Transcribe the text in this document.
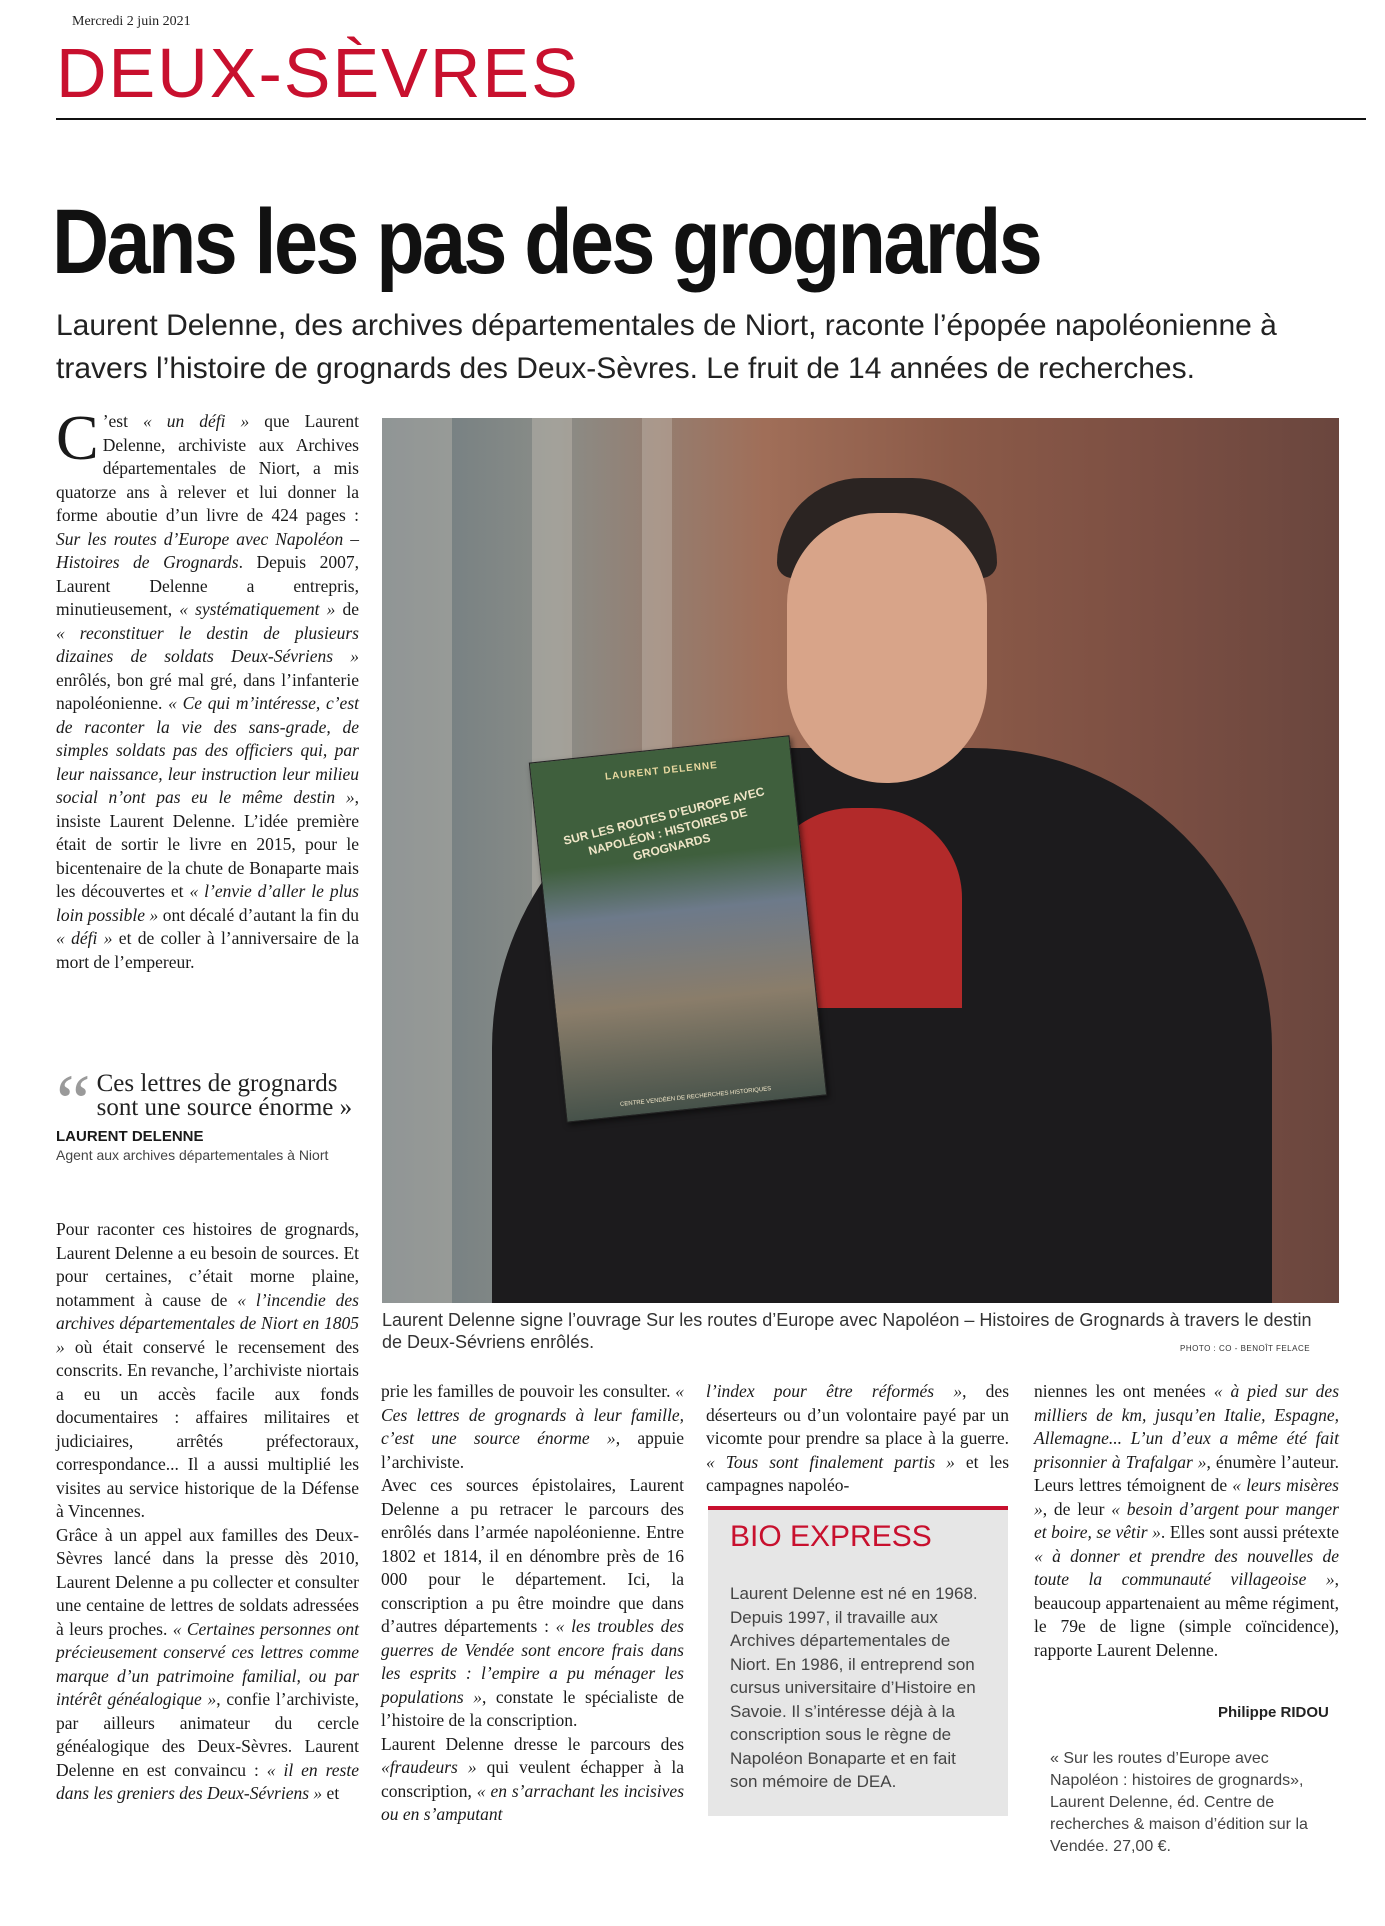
Mercredi 2 juin 2021
DEUX-SÈVRES
Dans les pas des grognards
Laurent Delenne, des archives départementales de Niort, raconte l’épopée napoléonienne à travers l’histoire de grognards des Deux-Sèvres. Le fruit de 14 années de recherches.
C ’est « un défi » que Laurent Delenne, archiviste aux Archives départementales de Niort, a mis quatorze ans à relever et lui donner la forme aboutie d’un livre de 424 pages : Sur les routes d’Europe avec Napoléon – Histoires de Grognards. Depuis 2007, Laurent Delenne a entrepris, minutieusement, « systématiquement » de « reconstituer le destin de plusieurs dizaines de soldats Deux-Sévriens » enrôlés, bon gré mal gré, dans l’infanterie napoléonienne. « Ce qui m’intéresse, c’est de raconter la vie des sans-grade, de simples soldats pas des officiers qui, par leur naissance, leur instruction leur milieu social n’ont pas eu le même destin », insiste Laurent Delenne. L’idée première était de sortir le livre en 2015, pour le bicentenaire de la chute de Bonaparte mais les découvertes et « l’envie d’aller le plus loin possible » ont décalé d’autant la fin du « défi » et de coller à l’anniversaire de la mort de l’empereur.

“ Ces lettres de grognards sont une source énorme »
LAURENT DELENNE
Agent aux archives départementales à Niort

Pour raconter ces histoires de grognards, Laurent Delenne a eu besoin de sources. Et pour certaines, c’était morne plaine, notamment à cause de « l’incendie des archives départementales de Niort en 1805 » où était conservé le recensement des conscrits. En revanche, l’archiviste niortais a eu un accès facile aux fonds documentaires : affaires militaires et judiciaires, arrêtés préfectoraux, correspondance... Il a aussi multiplié les visites au service historique de la Défense à Vincennes.
Grâce à un appel aux familles des Deux-Sèvres lancé dans la presse dès 2010, Laurent Delenne a pu collecter et consulter une centaine de lettres de soldats adressées à leurs proches. « Certaines personnes ont précieusement conservé ces lettres comme marque d’un patrimoine familial, ou par intérêt généalogique », confie l’archiviste, par ailleurs animateur du cercle généalogique des Deux-Sèvres. Laurent Delenne en est convaincu : « il en reste dans les greniers des Deux-Sévriens » et

LAURENT DELENNE
SUR LES ROUTES D’EUROPE AVEC NAPOLÉON : HISTOIRES DE GROGNARDS
CENTRE VENDÉEN DE RECHERCHES HISTORIQUES
Laurent Delenne signe l’ouvrage Sur les routes d’Europe avec Napoléon – Histoires de Grognards à travers le destin de Deux-Sévriens enrôlés.	PHOTO : CO - BENOÎT FELACE

prie les familles de pouvoir les consulter. « Ces lettres de grognards à leur famille, c’est une source énorme », appuie l’archiviste.
Avec ces sources épistolaires, Laurent Delenne a pu retracer le parcours des enrôlés dans l’armée napoléonienne. Entre 1802 et 1814, il en dénombre près de 16 000 pour le département. Ici, la conscription a pu être moindre que dans d’autres départements : « les troubles des guerres de Vendée sont encore frais dans les esprits : l’empire a pu ménager les populations », constate le spécialiste de l’histoire de la conscription.
Laurent Delenne dresse le parcours des «fraudeurs » qui veulent échapper à la conscription, « en s’arrachant les incisives ou en s’amputant

l’index pour être réformés », des déserteurs ou d’un volontaire payé par un vicomte pour prendre sa place à la guerre. « Tous sont finalement partis » et les campagnes napoléo-

BIO EXPRESS
Laurent Delenne est né en 1968. Depuis 1997, il travaille aux Archives départementales de Niort. En 1986, il entreprend son cursus universitaire d’Histoire en Savoie. Il s’intéresse déjà à la conscription sous le règne de Napoléon Bonaparte et en fait son mémoire de DEA.

niennes les ont menées « à pied sur des milliers de km, jusqu’en Italie, Espagne, Allemagne... L’un d’eux a même été fait prisonnier à Trafalgar », énumère l’auteur. Leurs lettres témoignent de « leurs misères », de leur « besoin d’argent pour manger et boire, se vêtir ». Elles sont aussi prétexte « à donner et prendre des nouvelles de toute la communauté villageoise », beaucoup appartenaient au même régiment, le 79e de ligne (simple coïncidence), rapporte Laurent Delenne.

Philippe RIDOU
« Sur les routes d’Europe avec Napoléon : histoires de grognards», Laurent Delenne, éd. Centre de recherches & maison d’édition sur la Vendée. 27,00 €.
